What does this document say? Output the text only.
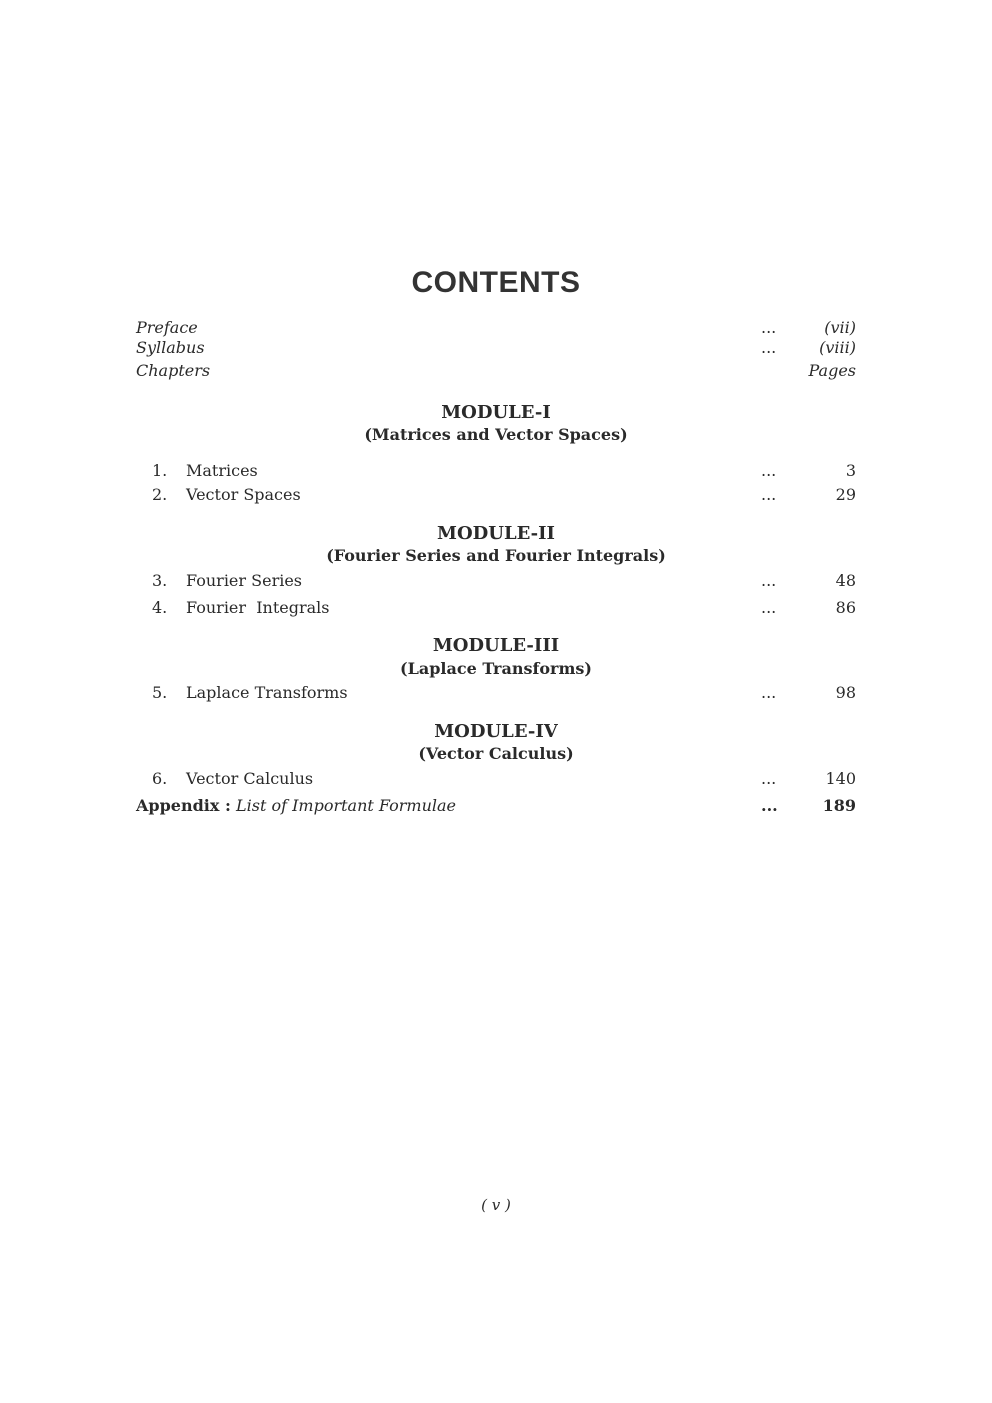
CONTENTS
Preface	...	(vii)
Syllabus	...	(viii)
Chapters	Pages
MODULE-I
(Matrices and Vector Spaces)
1. Matrices	...	3
2. Vector Spaces	...	29
MODULE-II
(Fourier Series and Fourier Integrals)
3. Fourier Series	...	48
4. Fourier  Integrals	...	86
MODULE-III
(Laplace Transforms)
5. Laplace Transforms	...	98
MODULE-IV
(Vector Calculus)
6. Vector Calculus	...	140
Appendix : List of Important Formulae	...	189
( v )
